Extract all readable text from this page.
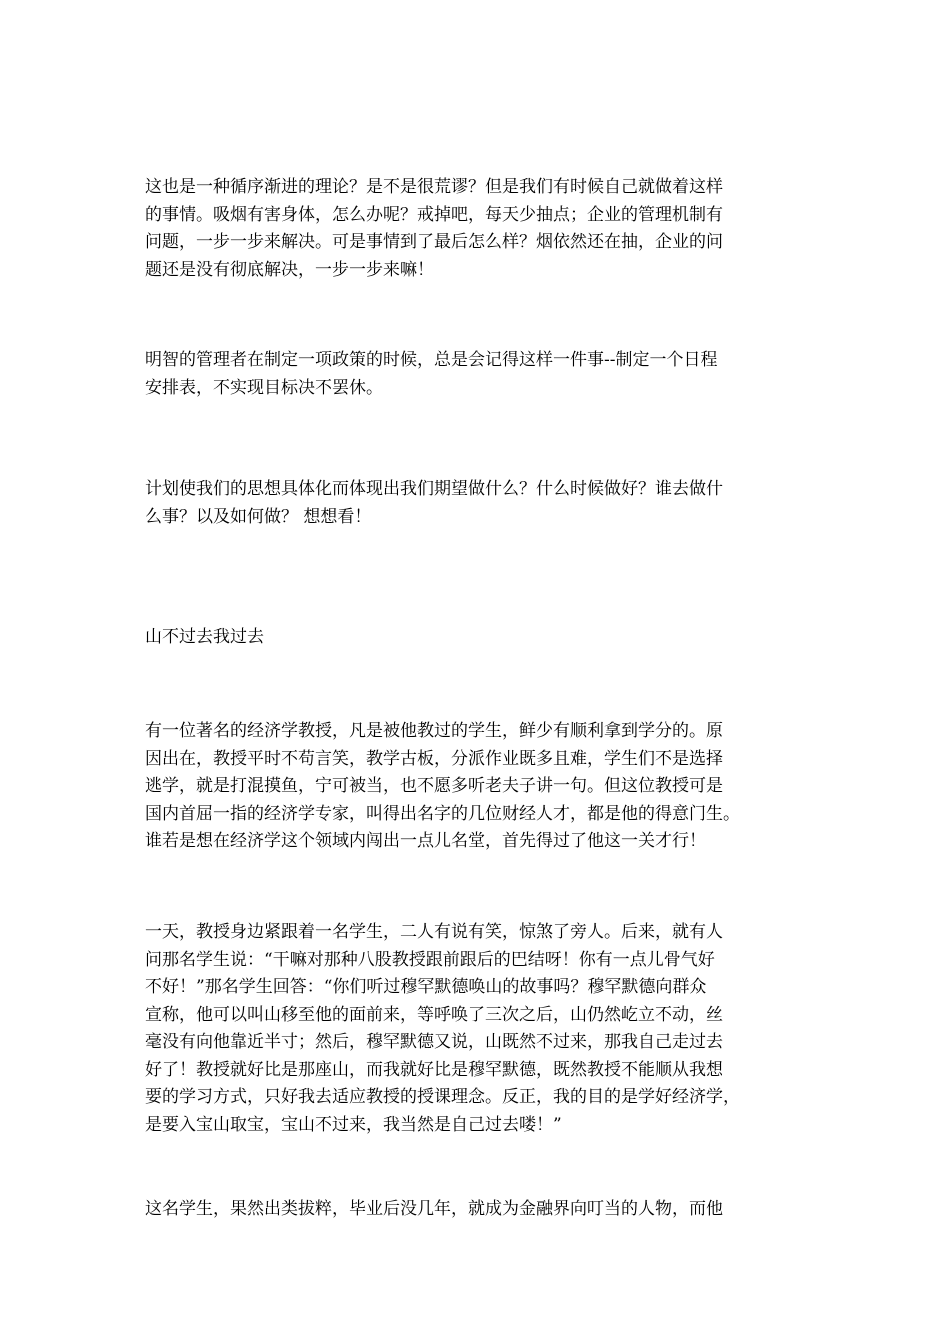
这也是一种循序渐进的理论？是不是很荒谬？但是我们有时候自己就做着这样
的事情。吸烟有害身体，怎么办呢？戒掉吧，每天少抽点；企业的管理机制有
问题，一步一步来解决。可是事情到了最后怎么样？烟依然还在抽，企业的问
题还是没有彻底解决，一步一步来嘛！

明智的管理者在制定一项政策的时候，总是会记得这样一件事--制定一个日程
安排表，不实现目标决不罢休。

计划使我们的思想具体化而体现出我们期望做什么？什么时候做好？谁去做什
么事？以及如何做？ 想想看！

山不过去我过去

有一位著名的经济学教授，凡是被他教过的学生，鲜少有顺利拿到学分的。原
因出在，教授平时不苟言笑，教学古板，分派作业既多且难，学生们不是选择
逃学，就是打混摸鱼，宁可被当，也不愿多听老夫子讲一句。但这位教授可是
国内首屈一指的经济学专家，叫得出名字的几位财经人才，都是他的得意门生。
谁若是想在经济学这个领域内闯出一点儿名堂，首先得过了他这一关才行！

一天，教授身边紧跟着一名学生，二人有说有笑，惊煞了旁人。后来，就有人
问那名学生说：“干嘛对那种八股教授跟前跟后的巴结呀！你有一点儿骨气好
不好！”那名学生回答：“你们听过穆罕默德唤山的故事吗？穆罕默德向群众
宣称，他可以叫山移至他的面前来，等呼唤了三次之后，山仍然屹立不动，丝
毫没有向他靠近半寸；然后，穆罕默德又说，山既然不过来，那我自己走过去
好了！教授就好比是那座山，而我就好比是穆罕默德，既然教授不能顺从我想
要的学习方式，只好我去适应教授的授课理念。反正，我的目的是学好经济学，
是要入宝山取宝，宝山不过来，我当然是自己过去喽！”

这名学生，果然出类拔粹，毕业后没几年，就成为金融界向叮当的人物，而他
